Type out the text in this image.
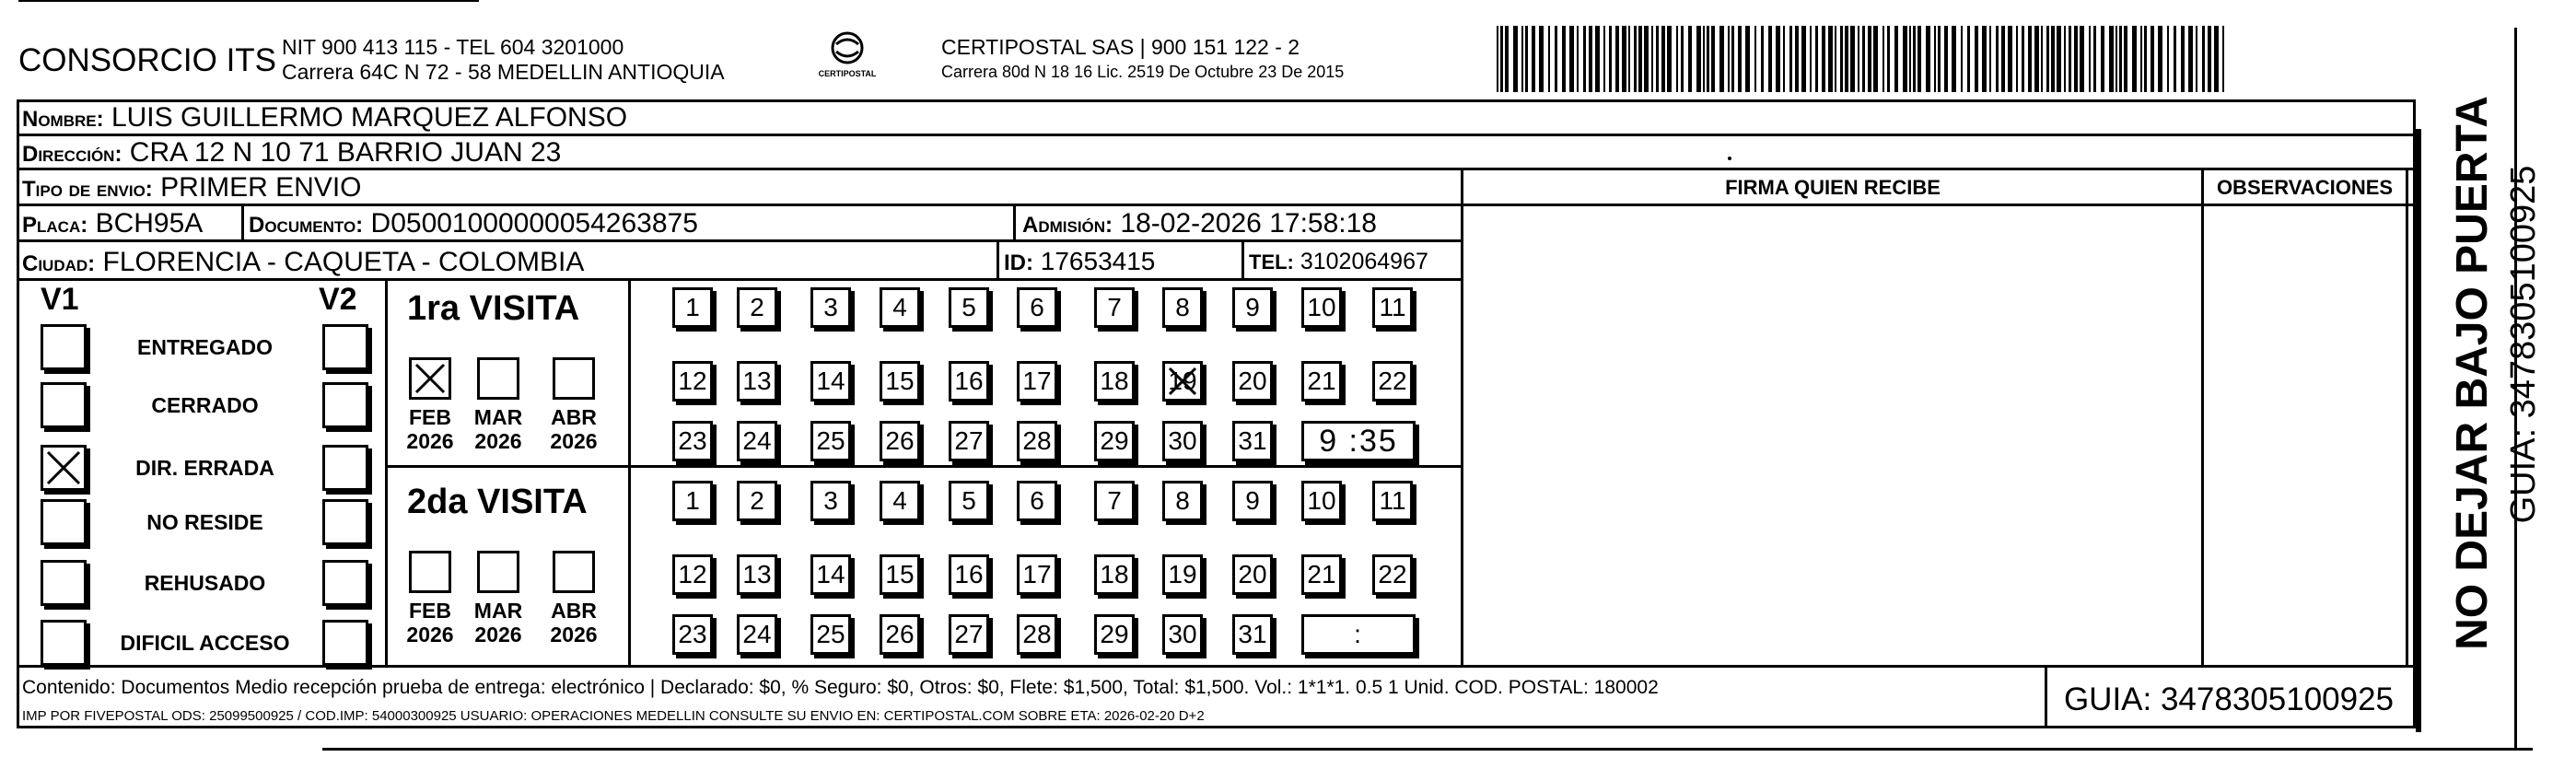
CONSORCIO ITS NIT 900 413 115 - TEL 604 3201000
Carrera 64C N 72 - 58 MEDELLIN ANTIOQUIA	CERTIPOSTAL
CERTIPOSTAL SAS | 900 151 122 - 2
Carrera 80d N 18 16 Lic. 2519 De Octubre 23 De 2015
Nombre: LUIS GUILLERMO MARQUEZ ALFONSO
Dirección: CRA 12 N 10 71 BARRIO JUAN 23
Tipo de envio: PRIMER ENVIO
Placa: BCH95A Documento: D05001000000054263875	Admisión: 18-02-2026 17:58:18
Ciudad: FLORENCIA - CAQUETA - COLOMBIA	ID: 17653415	TEL: 3102064967
FIRMA QUIEN RECIBE	OBSERVACIONES
V1	V2
ENTREGADO
CERRADO
DIR. ERRADA
NO RESIDE
REHUSADO
DIFICIL ACCESO
1ra VISITA
2da VISITA
FEB
2026
MAR
2026
ABR
2026
1 2 3 4 5 6 7 8 9 10 11
12 13 14 15 16 17 18 19 20 21 22
23 24 25 26 27 28 29 30 31 9 :35
FEB
2026
MAR
2026
ABR
2026
1 2 3 4 5 6 7 8 9 10 11
12 13 14 15 16 17 18 19 20 21 22
23 24 25 26 27 28 29 30 31	:
Contenido: Documentos Medio recepción prueba de entrega: electrónico | Declarado: $0, % Seguro: $0, Otros: $0, Flete: $1,500, Total: $1,500. Vol.: 1*1*1. 0.5 1 Unid. COD. POSTAL: 180002
IMP POR FIVEPOSTAL ODS: 25099500925 / COD.IMP: 54000300925 USUARIO: OPERACIONES MEDELLIN CONSULTE SU ENVIO EN: CERTIPOSTAL.COM SOBRE ETA: 2026-02-20 D+2	GUIA: 3478305100925
NO DEJAR BAJO PUERTA GUIA: 3478305100925
